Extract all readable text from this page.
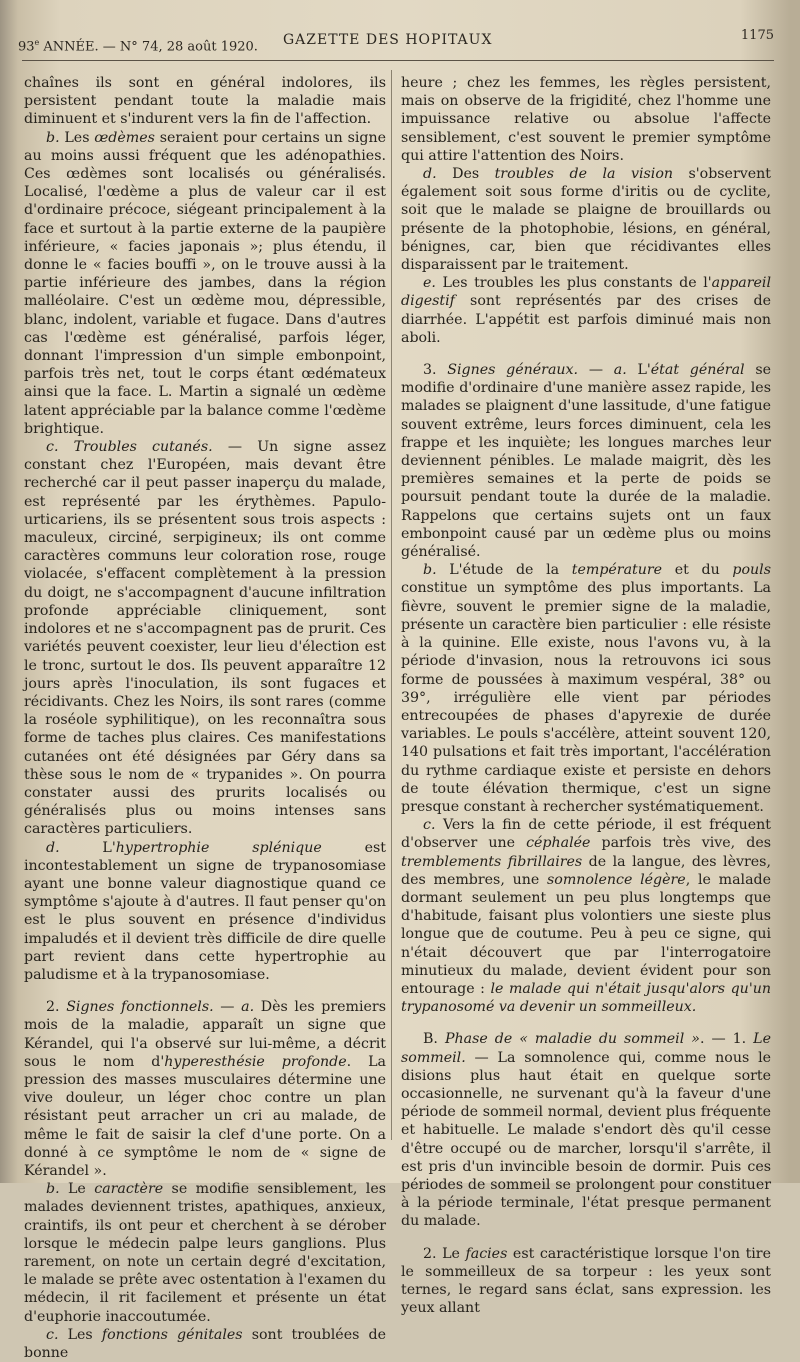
93e ANNÉE. — N° 74, 28 août 1920. GAZETTE DES HOPITAUX	1175

chaînes ils sont en général indolores, ils persistent pendant toute la maladie mais diminuent et s'indurent vers la fin de l'affection.

b. Les œdèmes seraient pour certains un signe au moins aussi fréquent que les adénopathies. Ces œdèmes sont localisés ou généralisés. Localisé, l'œdème a plus de valeur car il est d'ordinaire précoce, siégeant principalement à la face et surtout à la partie externe de la paupière inférieure, « facies japonais »; plus étendu, il donne le « facies bouffi », on le trouve aussi à la partie inférieure des jambes, dans la région malléolaire. C'est un œdème mou, dépressible, blanc, indolent, variable et fugace. Dans d'autres cas l'œdème est généralisé, parfois léger, donnant l'impression d'un simple embonpoint, parfois très net, tout le corps étant œdémateux ainsi que la face. L. Martin a signalé un œdème latent appréciable par la balance comme l'œdème brightique.

c. Troubles cutanés. — Un signe assez constant chez l'Européen, mais devant être recherché car il peut passer inaperçu du malade, est représenté par les érythèmes. Papulo-urticariens, ils se présentent sous trois aspects : maculeux, circiné, serpigineux; ils ont comme caractères communs leur coloration rose, rouge violacée, s'effacent complètement à la pression du doigt, ne s'accompagnent d'aucune infiltration profonde appréciable cliniquement, sont indolores et ne s'accompagnent pas de prurit. Ces variétés peuvent coexister, leur lieu d'élection est le tronc, surtout le dos. Ils peuvent apparaître 12 jours après l'inoculation, ils sont fugaces et récidivants. Chez les Noirs, ils sont rares (comme la roséole syphilitique), on les reconnaîtra sous forme de taches plus claires. Ces manifestations cutanées ont été désignées par Géry dans sa thèse sous le nom de « trypanides ». On pourra constater aussi des prurits localisés ou généralisés plus ou moins intenses sans caractères particuliers.

d. L'hypertrophie splénique est incontestablement un signe de trypanosomiase ayant une bonne valeur diagnostique quand ce symptôme s'ajoute à d'autres. Il faut penser qu'on est le plus souvent en présence d'individus impaludés et il devient très difficile de dire quelle part revient dans cette hypertrophie au paludisme et à la trypanosomiase.

2. Signes fonctionnels. — a. Dès les premiers mois de la maladie, apparaît un signe que Kérandel, qui l'a observé sur lui-même, a décrit sous le nom d'hyperesthésie profonde. La pression des masses musculaires détermine une vive douleur, un léger choc contre un plan résistant peut arracher un cri au malade, de même le fait de saisir la clef d'une porte. On a donné à ce symptôme le nom de « signe de Kérandel ».

b. Le caractère se modifie sensiblement, les malades deviennent tristes, apathiques, anxieux, craintifs, ils ont peur et cherchent à se dérober lorsque le médecin palpe leurs ganglions. Plus rarement, on note un certain degré d'excitation, le malade se prête avec ostentation à l'examen du médecin, il rit facilement et présente un état d'euphorie inaccoutumée.

c. Les fonctions génitales sont troublées de bonne

heure ; chez les femmes, les règles persistent, mais on observe de la frigidité, chez l'homme une impuissance relative ou absolue l'affecte sensiblement, c'est souvent le premier symptôme qui attire l'attention des Noirs.

d. Des troubles de la vision s'observent également soit sous forme d'iritis ou de cyclite, soit que le malade se plaigne de brouillards ou présente de la photophobie, lésions, en général, bénignes, car, bien que récidivantes elles disparaissent par le traitement.

e. Les troubles les plus constants de l'appareil digestif sont représentés par des crises de diarrhée. L'appétit est parfois diminué mais non aboli.

3. Signes généraux. — a. L'état général se modifie d'ordinaire d'une manière assez rapide, les malades se plaignent d'une lassitude, d'une fatigue souvent extrême, leurs forces diminuent, cela les frappe et les inquiète; les longues marches leur deviennent pénibles. Le malade maigrit, dès les premières semaines et la perte de poids se poursuit pendant toute la durée de la maladie. Rappelons que certains sujets ont un faux embonpoint causé par un œdème plus ou moins généralisé.

b. L'étude de la température et du pouls constitue un symptôme des plus importants. La fièvre, souvent le premier signe de la maladie, présente un caractère bien particulier : elle résiste à la quinine. Elle existe, nous l'avons vu, à la période d'invasion, nous la retrouvons ici sous forme de poussées à maximum vespéral, 38° ou 39°, irrégulière elle vient par périodes entrecoupées de phases d'apyrexie de durée variables. Le pouls s'accélère, atteint souvent 120, 140 pulsations et fait très important, l'accélération du rythme cardiaque existe et persiste en dehors de toute élévation thermique, c'est un signe presque constant à rechercher systématiquement.

c. Vers la fin de cette période, il est fréquent d'observer une céphalée parfois très vive, des tremblements fibrillaires de la langue, des lèvres, des membres, une somnolence légère, le malade dormant seulement un peu plus longtemps que d'habitude, faisant plus volontiers une sieste plus longue que de coutume. Peu à peu ce signe, qui n'était découvert que par l'interrogatoire minutieux du malade, devient évident pour son entourage : le malade qui n'était jusqu'alors qu'un trypanosomé va devenir un sommeilleux.

B. Phase de « maladie du sommeil ». — 1. Le sommeil. — La somnolence qui, comme nous le disions plus haut était en quelque sorte occasionnelle, ne survenant qu'à la faveur d'une période de sommeil normal, devient plus fréquente et habituelle. Le malade s'endort dès qu'il cesse d'être occupé ou de marcher, lorsqu'il s'arrête, il est pris d'un invincible besoin de dormir. Puis ces périodes de sommeil se prolongent pour constituer à la période terminale, l'état presque permanent du malade.

2. Le facies est caractéristique lorsque l'on tire le sommeilleux de sa torpeur : les yeux sont ternes, le regard sans éclat, sans expression. les yeux allant
